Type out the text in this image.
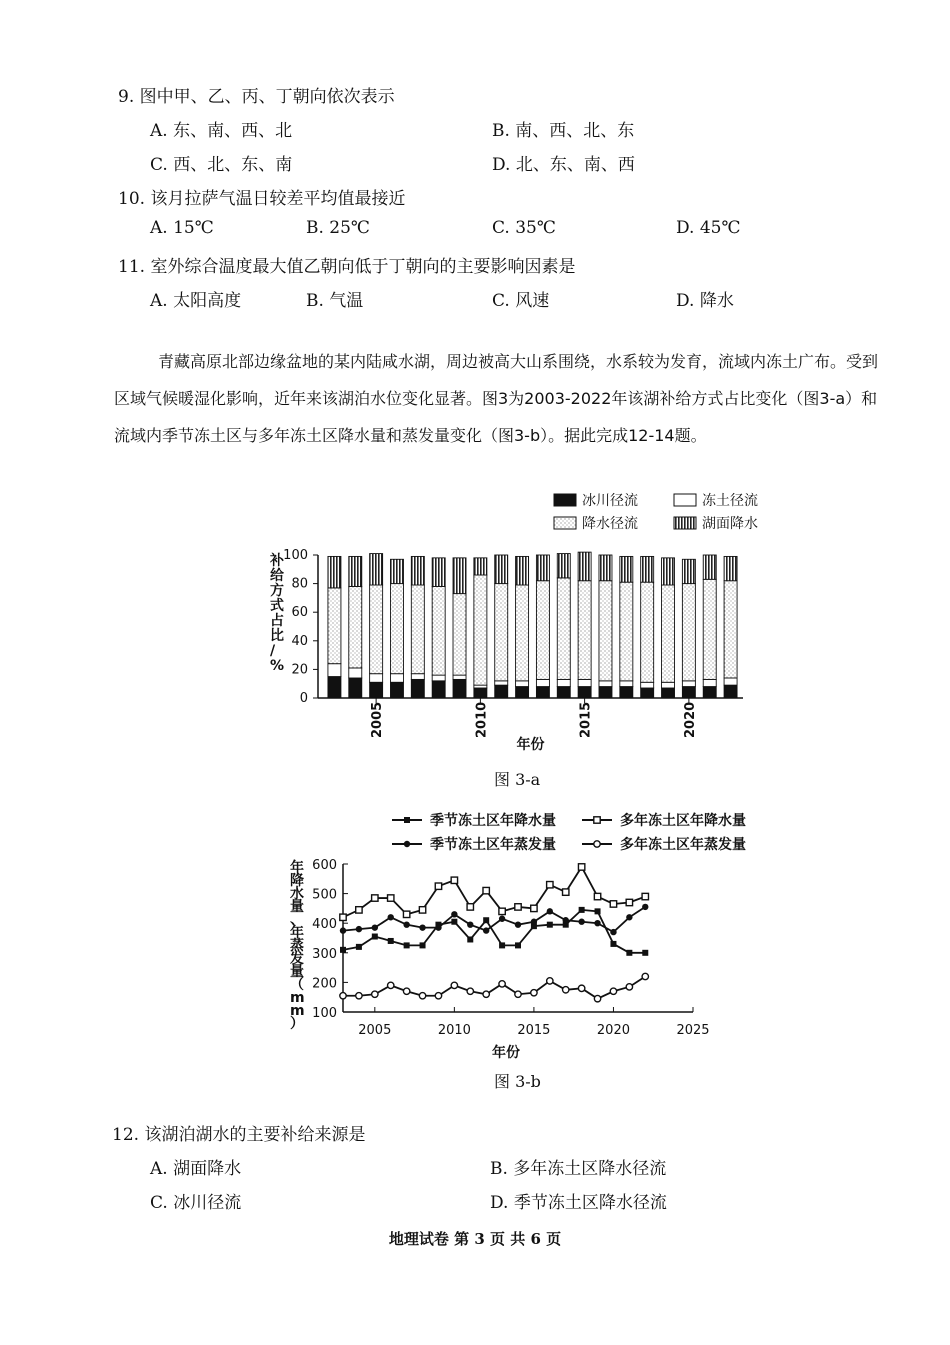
9. 图中甲、乙、丙、丁朝向依次表示
A. 东、南、西、北	B. 南、西、北、东
C. 西、北、东、南	D. 北、东、南、西
10. 该月拉萨气温日较差平均值最接近
A. 15℃	B. 25℃	C. 35℃	D. 45℃
11. 室外综合温度最大值乙朝向低于丁朝向的主要影响因素是
A. 太阳高度	B. 气温	C. 风速	D. 降水
青藏高原北部边缘盆地的某内陆咸水湖，周边被高大山系围绕，水系较为发育，流域内冻土广布。受到区域气候暖湿化影响，近年来该湖泊水位变化显著。图3为2003-2022年该湖补给方式占比变化（图3-a）和流域内季节冻土区与多年冻土区降水量和蒸发量变化（图3-b）。据此完成12-14题。
冰川径流	冻土径流
降水径流	湖面降水
0
20
40
60
80
100
2005	2010	2015	2020
年份
补给方式占比/ %
图 3-a
季节冻土区年降水量	多年冻土区年降水量
季节冻土区年蒸发量	多年冻土区年蒸发量
100
200
300
400
500
600
2005	2010	2015	2020	2025
年份
年降水量、年蒸发量（ m m ）
图 3-b
12. 该湖泊湖水的主要补给来源是
A. 湖面降水	B. 多年冻土区降水径流
C. 冰川径流	D. 季节冻土区降水径流
地理试卷 第 3 页 共 6 页
